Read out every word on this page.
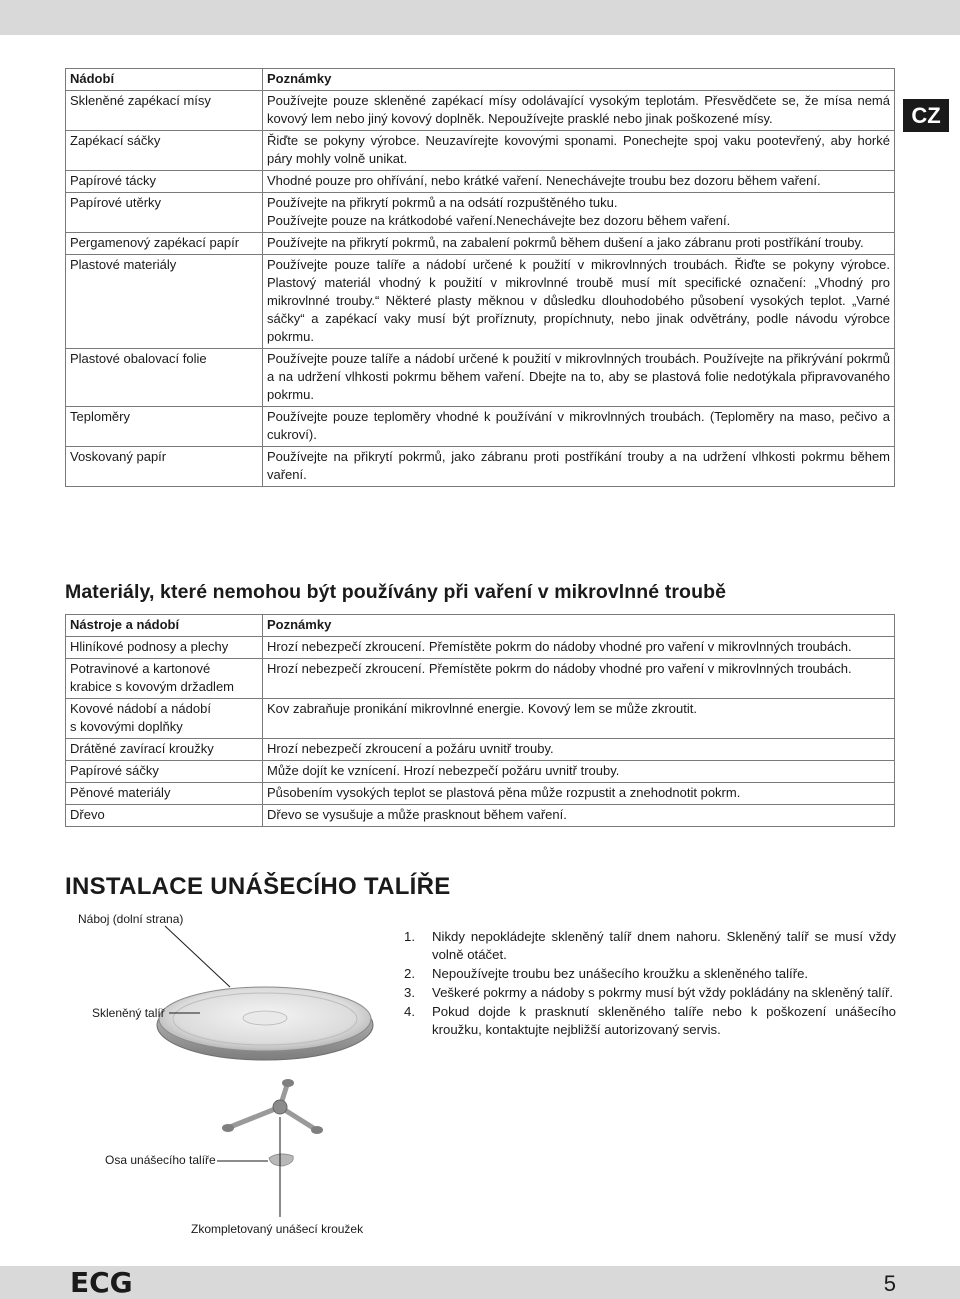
CZ
Nádobí	Poznámky
Skleněné zapékací mísy	Používejte pouze skleněné zapékací mísy odolávající vysokým teplotám. Přesvědčete se, že mísa nemá kovový lem nebo jiný kovový doplněk. Nepoužívejte prasklé nebo jinak poškozené mísy.
Zapékací sáčky	Řiďte se pokyny výrobce. Neuzavírejte kovovými sponami. Ponechejte spoj vaku pootevřený, aby horké páry mohly volně unikat.
Papírové tácky	Vhodné pouze pro ohřívání, nebo krátké vaření. Nenechávejte troubu bez dozoru během vaření.
Papírové utěrky	Používejte na přikrytí pokrmů a na odsátí rozpuštěného tuku.
Používejte pouze na krátkodobé vaření.Nenechávejte bez dozoru během vaření.

Pergamenový zapékací papír	Používejte na přikrytí pokrmů, na zabalení pokrmů během dušení a jako zábranu proti postříkání trouby.
Plastové materiály	Používejte pouze talíře a nádobí určené k použití v mikrovlnných troubách. Řiďte se pokyny výrobce. Plastový materiál vhodný k použití v mikrovlnné troubě musí mít specifické označení: „Vhodný pro mikrovlnné trouby.“ Některé plasty měknou v důsledku dlouhodobého působení vysokých teplot. „Varné sáčky“ a zapékací vaky musí být proříznuty, propíchnuty, nebo jinak odvětrány, podle návodu výrobce pokrmu.
Plastové obalovací folie	Používejte pouze talíře a nádobí určené k použití v mikrovlnných troubách. Používejte na přikrývání pokrmů a na udržení vlhkosti pokrmu během vaření. Dbejte na to, aby se plastová folie nedotýkala připravovaného pokrmu.
Teploměry	Používejte pouze teploměry vhodné k používání v mikrovlnných troubách. (Teploměry na maso, pečivo a cukroví).
Voskovaný papír	Používejte na přikrytí pokrmů, jako zábranu proti postříkání trouby a na udržení vlhkosti pokrmu během vaření.
Materiály, které nemohou být používány při vaření v mikrovlnné troubě
Nástroje a nádobí	Poznámky
Hliníkové podnosy a plechy	Hrozí nebezpečí zkroucení. Přemístěte pokrm do nádoby vhodné pro vaření v mikrovlnných troubách.

Potravinové a kartonové
krabice s kovovým držadlem	Hrozí nebezpečí zkroucení. Přemístěte pokrm do nádoby vhodné pro vaření v mikrovlnných troubách.

Kovové nádobí a nádobí
s kovovými doplňky	Kov zabraňuje pronikání mikrovlnné energie. Kovový lem se může zkroutit.
Drátěné zavírací kroužky	Hrozí nebezpečí zkroucení a požáru uvnitř trouby.
Papírové sáčky	Může dojít ke vznícení. Hrozí nebezpečí požáru uvnitř trouby.
Pěnové materiály	Působením vysokých teplot se plastová pěna může rozpustit a znehodnotit pokrm.
Dřevo	Dřevo se vysušuje a může prasknout během vaření.
INSTALACE UNÁŠECÍHO TALÍŘE
Náboj (dolní strana)
Skleněný talíř
Osa unášecího talíře
Zkompletovaný unášecí kroužek
1. Nikdy nepokládejte skleněný talíř dnem nahoru. Skleněný talíř se musí vždy volně otáčet.
2. Nepoužívejte troubu bez unášecího kroužku a skleněného talíře.
3. Veškeré pokrmy a nádoby s pokrmy musí být vždy pokládány na skleněný talíř.
4. Pokud dojde k prasknutí skleněného talíře nebo k poškození unášecího kroužku, kontaktujte nejbližší autorizovaný servis.
ECG	5
